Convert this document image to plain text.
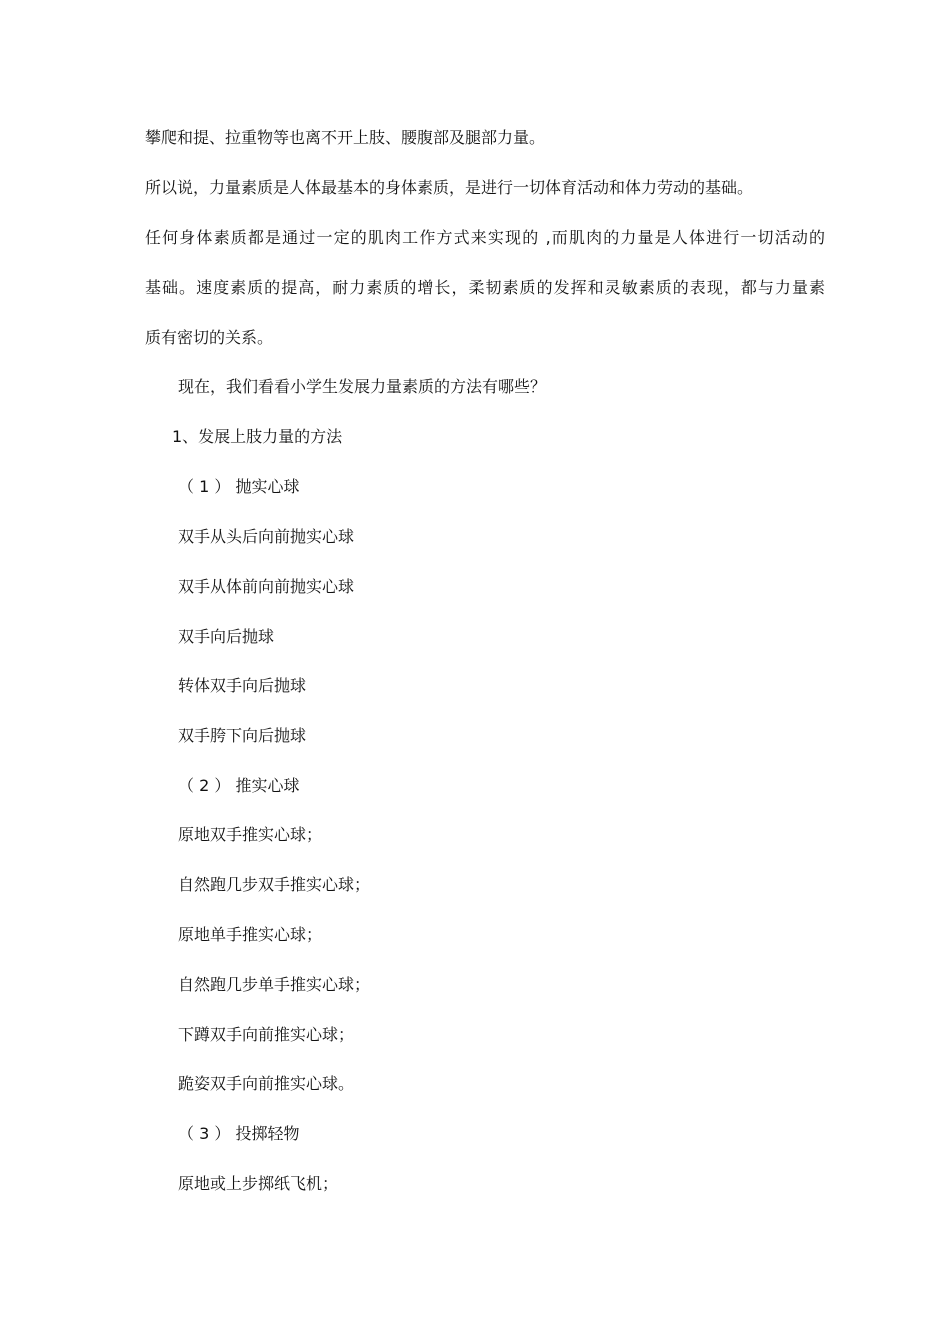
攀爬和提、拉重物等也离不开上肢、腰腹部及腿部力量。
所以说，力量素质是人体最基本的身体素质，是进行一切体育活动和体力劳动的基础。
任何身体素质都是通过一定的肌肉工作方式来实现的 ,而肌肉的力量是人体进行一切活动的
基础。速度素质的提高，耐力素质的增长，柔韧素质的发挥和灵敏素质的表现，都与力量素
质有密切的关系。
现在，我们看看小学生发展力量素质的方法有哪些？
1、发展上肢力量的方法
（ 1 ） 抛实心球
双手从头后向前抛实心球
双手从体前向前抛实心球
双手向后抛球
转体双手向后抛球
双手胯下向后抛球
（ 2 ） 推实心球
原地双手推实心球；
自然跑几步双手推实心球；
原地单手推实心球；
自然跑几步单手推实心球；
下蹲双手向前推实心球；
跪姿双手向前推实心球。
（ 3 ） 投掷轻物
原地或上步掷纸飞机；
